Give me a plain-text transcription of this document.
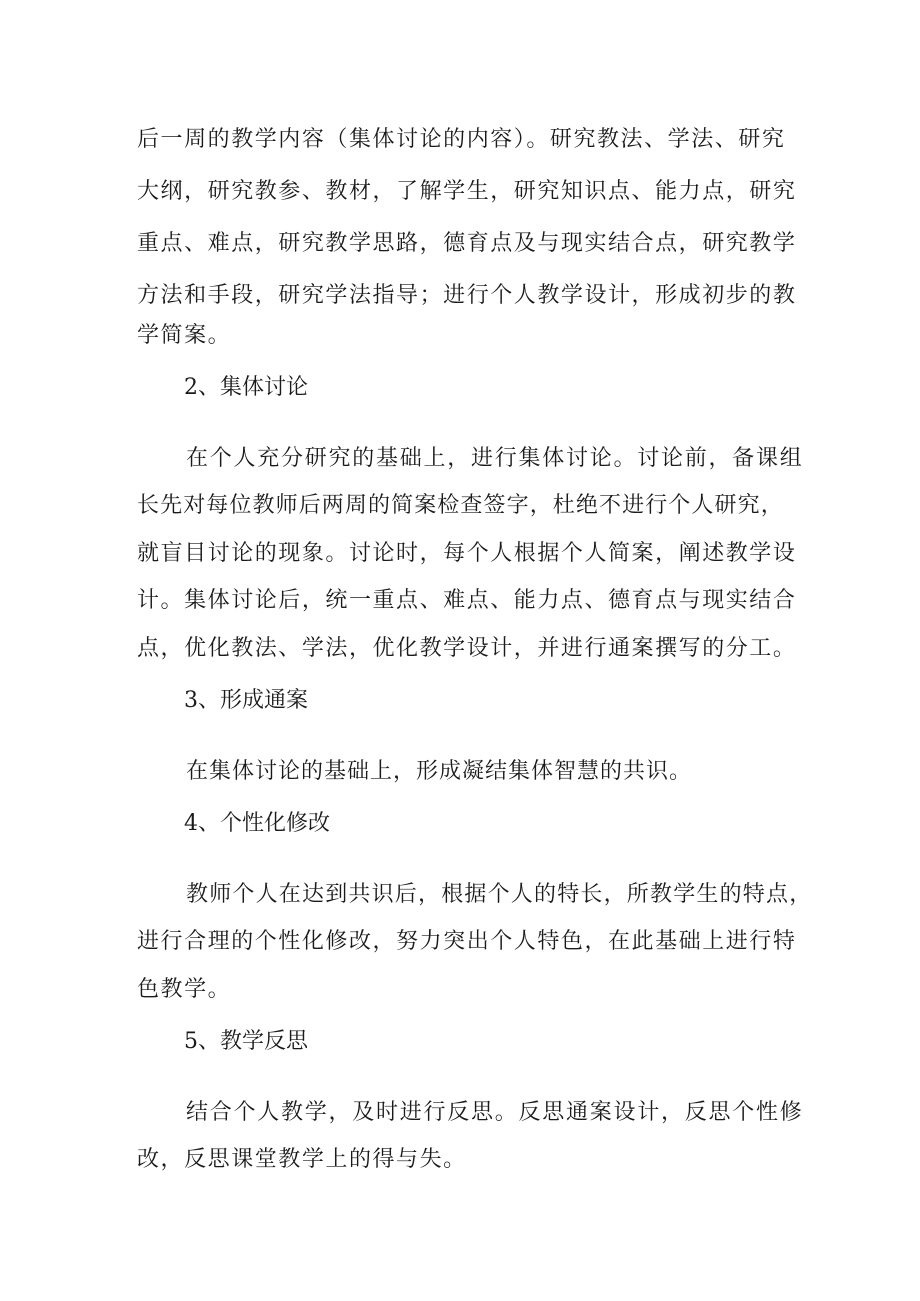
后一周的教学内容（集体讨论的内容）。研究教法、学法、研究

大纲，研究教参、教材，了解学生，研究知识点、能力点，研究

重点、难点，研究教学思路，德育点及与现实结合点，研究教学

方法和手段，研究学法指导；进行个人教学设计，形成初步的教

学简案。

2、集体讨论

在个人充分研究的基础上，进行集体讨论。讨论前，备课组

长先对每位教师后两周的简案检查签字，杜绝不进行个人研究，

就盲目讨论的现象。讨论时，每个人根据个人简案，阐述教学设

计。集体讨论后，统一重点、难点、能力点、德育点与现实结合

点，优化教法、学法，优化教学设计，并进行通案撰写的分工。

3、形成通案

在集体讨论的基础上，形成凝结集体智慧的共识。

4、个性化修改

教师个人在达到共识后，根据个人的特长，所教学生的特点，

进行合理的个性化修改，努力突出个人特色，在此基础上进行特

色教学。

5、教学反思

结合个人教学，及时进行反思。反思通案设计，反思个性修

改，反思课堂教学上的得与失。
